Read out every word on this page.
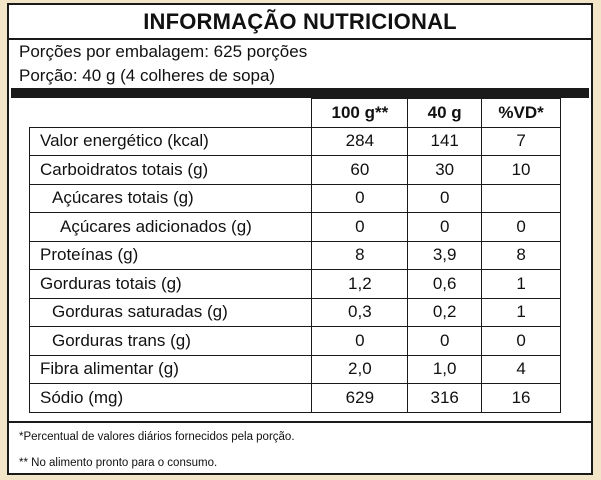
INFORMAÇÃO NUTRICIONAL
Porções por embalagem: 625 porções
Porção: 40 g (4 colheres de sopa)
	100 g**	40 g	%VD*
Valor energético (kcal)	284	141	7
Carboidratos totais (g)	60	30	10
Açúcares totais (g)	0	0	
Açúcares adicionados (g)	0	0	0
Proteínas (g)	8	3,9	8
Gorduras totais (g)	1,2	0,6	1
Gorduras saturadas (g)	0,3	0,2	1
Gorduras trans (g)	0	0	0
Fibra alimentar (g)	2,0	1,0	4
Sódio (mg)	629	316	16
*Percentual de valores diários fornecidos pela porção.
** No alimento pronto para o consumo.
